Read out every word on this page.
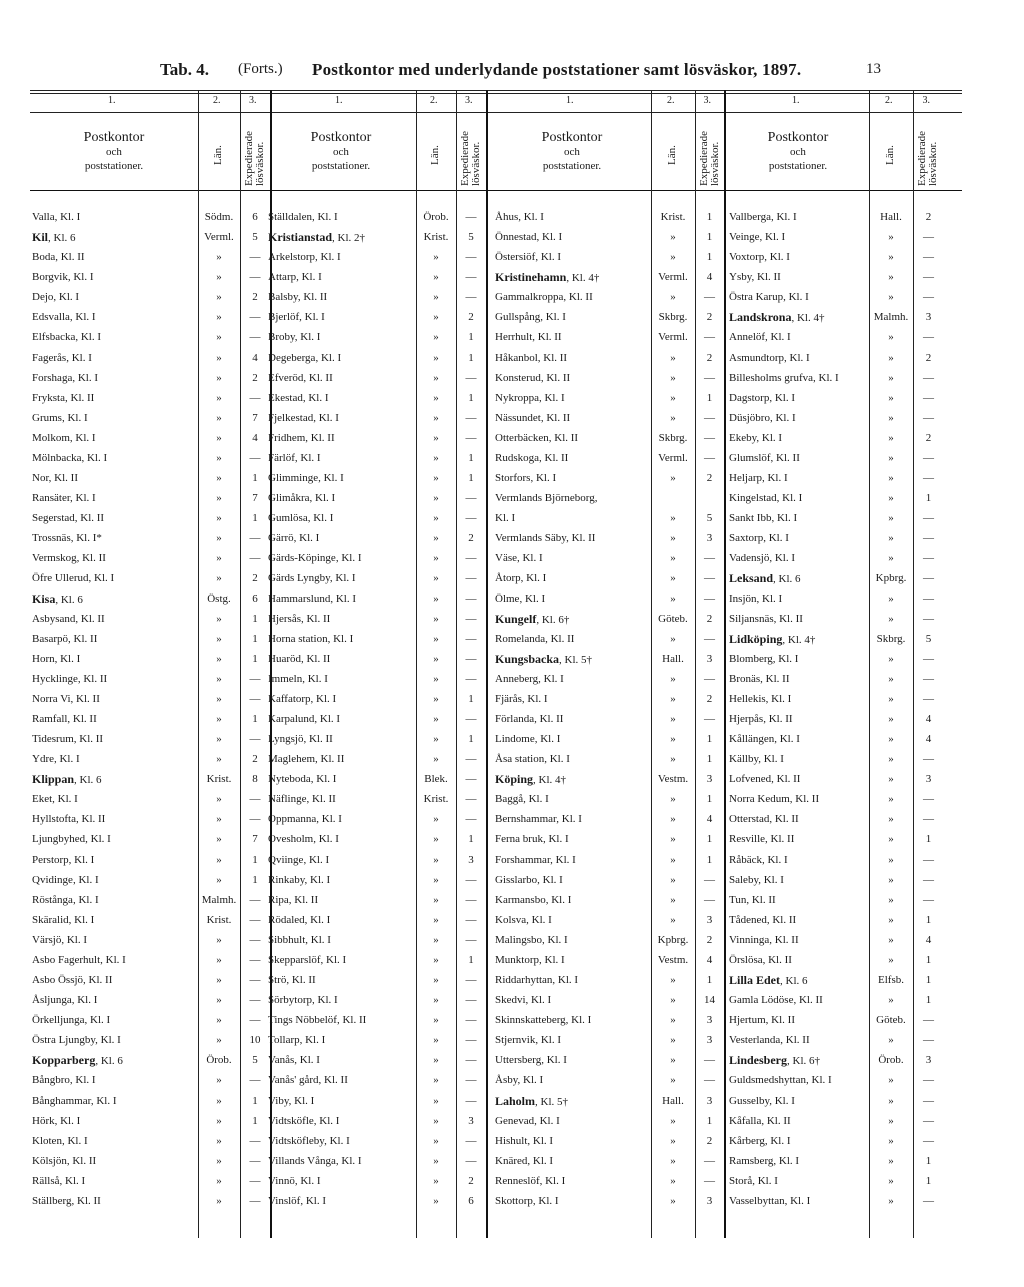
Tab. 4. (Forts.) Postkontor med underlydande poststationer samt lösväskor, 1897.	13
1.	2.	3.
Postkontor
och
poststationer.
Län. Expedierade
lösväskor.
Valla, Kl. I	Södm.	6
Kil, Kl. 6	Verml.	5
Boda, Kl. II	»	—
Borgvik, Kl. I	»	—
Dejo, Kl. I	»	2
Edsvalla, Kl. I	»	—
Elfsbacka, Kl. I	»	—
Fagerås, Kl. I	»	4
Forshaga, Kl. I	»	2
Fryksta, Kl. II	»	—
Grums, Kl. I	»	7
Molkom, Kl. I	»	4
Mölnbacka, Kl. I	»	—
Nor, Kl. II	»	1
Ransäter, Kl. I	»	7
Segerstad, Kl. II	»	1
Trossnäs, Kl. I*	»	—
Vermskog, Kl. II	»	—
Öfre Ullerud, Kl. I	»	2
Kisa, Kl. 6	Östg.	6
Asbysand, Kl. II	»	1
Basarpö, Kl. II	»	1
Horn, Kl. I	»	1
Hycklinge, Kl. II	»	—
Norra Vi, Kl. II	»	—
Ramfall, Kl. II	»	1
Tidesrum, Kl. II	»	—
Ydre, Kl. I	»	2
Klippan, Kl. 6	Krist.	8
Eket, Kl. I	»	—
Hyllstofta, Kl. II	»	—
Ljungbyhed, Kl. I	»	7
Perstorp, Kl. I	»	1
Qvidinge, Kl. I	»	1
Röstånga, Kl. I	Malmh.	—
Skäralid, Kl. I	Krist.	—
Värsjö, Kl. I	»	—
Asbo Fagerhult, Kl. I	»	—
Asbo Össjö, Kl. II	»	—
Åsljunga, Kl. I	»	—
Örkelljunga, Kl. I	»	—
Östra Ljungby, Kl. I	»	10
Kopparberg, Kl. 6	Örob.	5
Bångbro, Kl. I	»	—
Bånghammar, Kl. I	»	1
Hörk, Kl. I	»	1
Kloten, Kl. I	»	—
Kölsjön, Kl. II	»	—
Rällså, Kl. I	»	—
Ställberg, Kl. II	»	—
1.	2.	3.
Postkontor
och
poststationer.
Län. Expedierade
lösväskor.
Ställdalen, Kl. I	Örob.	—
Kristianstad, Kl. 2†	Krist.	5
Arkelstorp, Kl. I	»	—
Attarp, Kl. I	»	—
Balsby, Kl. II	»	—
Bjerlöf, Kl. I	»	2
Broby, Kl. I	»	1
Degeberga, Kl. I	»	1
Efveröd, Kl. II	»	—
Ekestad, Kl. I	»	1
Fjelkestad, Kl. I	»	—
Fridhem, Kl. II	»	—
Färlöf, Kl. I	»	1
Glimminge, Kl. I	»	1
Glimåkra, Kl. I	»	—
Gumlösa, Kl. I	»	—
Gärrö, Kl. I	»	2
Gärds-Köpinge, Kl. I	»	—
Gärds Lyngby, Kl. I	»	—
Hammarslund, Kl. I	»	—
Hjersås, Kl. II	»	—
Horna station, Kl. I	»	—
Huaröd, Kl. II	»	—
Immeln, Kl. I	»	—
Kaffatorp, Kl. I	»	1
Karpalund, Kl. I	»	—
Lyngsjö, Kl. II	»	1
Maglehem, Kl. II	»	—
Nyteboda, Kl. I	Blek.	—
Näflinge, Kl. II	Krist.	—
Oppmanna, Kl. I	»	—
Ovesholm, Kl. I	»	1
Qviinge, Kl. I	»	3
Rinkaby, Kl. I	»	—
Ripa, Kl. II	»	—
Rödaled, Kl. I	»	—
Sibbhult, Kl. I	»	—
Skepparslöf, Kl. I	»	1
Strö, Kl. II	»	—
Sörbytorp, Kl. I	»	—
Tings Nöbbelöf, Kl. II	»	—
Tollarp, Kl. I	»	—
Vanås, Kl. I	»	—
Vanås' gård, Kl. II	»	—
Viby, Kl. I	»	—
Vidtsköfle, Kl. I	»	3
Vidtsköfleby, Kl. I	»	—
Villands Vånga, Kl. I	»	—
Vinnö, Kl. I	»	2
Vinslöf, Kl. I	»	6
1.	2.	3.
Postkontor
och
poststationer.
Län. Expedierade
lösväskor.
Åhus, Kl. I	Krist.	1
Önnestad, Kl. I	»	1
Östersiöf, Kl. I	»	1
Kristinehamn, Kl. 4†	Verml.	4
Gammalkroppa, Kl. II	»	—
Gullspång, Kl. I	Skbrg.	2
Herrhult, Kl. II	Verml.	—
Håkanbol, Kl. II	»	2
Konsterud, Kl. II	»	—
Nykroppa, Kl. I	»	1
Nässundet, Kl. II	»	—
Otterbäcken, Kl. II	Skbrg.	—
Rudskoga, Kl. II	Verml.	—
Storfors, Kl. I	»	2
Vermlands Björneborg,
Kl. I	»	5
Vermlands Säby, Kl. II	»	3
Väse, Kl. I	»	—
Åtorp, Kl. I	»	—
Ölme, Kl. I	»	—
Kungelf, Kl. 6†	Göteb.	2
Romelanda, Kl. II	»	—
Kungsbacka, Kl. 5†	Hall.	3
Anneberg, Kl. I	»	—
Fjärås, Kl. I	»	2
Förlanda, Kl. II	»	—
Lindome, Kl. I	»	1
Åsa station, Kl. I	»	1
Köping, Kl. 4†	Vestm.	3
Baggå, Kl. I	»	1
Bernshammar, Kl. I	»	4
Ferna bruk, Kl. I	»	1
Forshammar, Kl. I	»	1
Gisslarbo, Kl. I	»	—
Karmansbo, Kl. I	»	—
Kolsva, Kl. I	»	3
Malingsbo, Kl. I	Kpbrg.	2
Munktorp, Kl. I	Vestm.	4
Riddarhyttan, Kl. I	»	1
Skedvi, Kl. I	»	14
Skinnskatteberg, Kl. I	»	3
Stjernvik, Kl. I	»	3
Uttersberg, Kl. I	»	—
Åsby, Kl. I	»	—
Laholm, Kl. 5†	Hall.	3
Genevad, Kl. I	»	1
Hishult, Kl. I	»	2
Knäred, Kl. I	»	—
Renneslöf, Kl. I	»	—
Skottorp, Kl. I	»	3
1.	2.	3.
Postkontor
och
poststationer.
Län. Expedierade
lösväskor.
Vallberga, Kl. I	Hall.	2
Veinge, Kl. I	»	—
Voxtorp, Kl. I	»	—
Ysby, Kl. II	»	—
Östra Karup, Kl. I	»	—
Landskrona, Kl. 4†	Malmh.	3
Annelöf, Kl. I	»	—
Asmundtorp, Kl. I	»	2
Billesholms grufva, Kl. I	»	—
Dagstorp, Kl. I	»	—
Düsjöbro, Kl. I	»	—
Ekeby, Kl. I	»	2
Glumslöf, Kl. II	»	—
Heljarp, Kl. I	»	—
Kingelstad, Kl. I	»	1
Sankt Ibb, Kl. I	»	—
Saxtorp, Kl. I	»	—
Vadensjö, Kl. I	»	—
Leksand, Kl. 6	Kpbrg.	—
Insjön, Kl. I	»	—
Siljansnäs, Kl. II	»	—
Lidköping, Kl. 4†	Skbrg.	5
Blomberg, Kl. I	»	—
Bronäs, Kl. II	»	—
Hellekis, Kl. I	»	—
Hjerpås, Kl. II	»	4
Kållängen, Kl. I	»	4
Källby, Kl. I	»	—
Lofvened, Kl. II	»	3
Norra Kedum, Kl. II	»	—
Otterstad, Kl. II	»	—
Resville, Kl. II	»	1
Råbäck, Kl. I	»	—
Saleby, Kl. I	»	—
Tun, Kl. II	»	—
Tådened, Kl. II	»	1
Vinninga, Kl. II	»	4
Örslösa, Kl. II	»	1
Lilla Edet, Kl. 6	Elfsb.	1
Gamla Lödöse, Kl. II	»	1
Hjertum, Kl. II	Göteb.	—
Vesterlanda, Kl. II	»	—
Lindesberg, Kl. 6†	Örob.	3
Guldsmedshyttan, Kl. I	»	—
Gusselby, Kl. I	»	—
Kåfalla, Kl. II	»	—
Kårberg, Kl. I	»	—
Ramsberg, Kl. I	»	1
Storå, Kl. I	»	1
Vasselbyttan, Kl. I	»	—
